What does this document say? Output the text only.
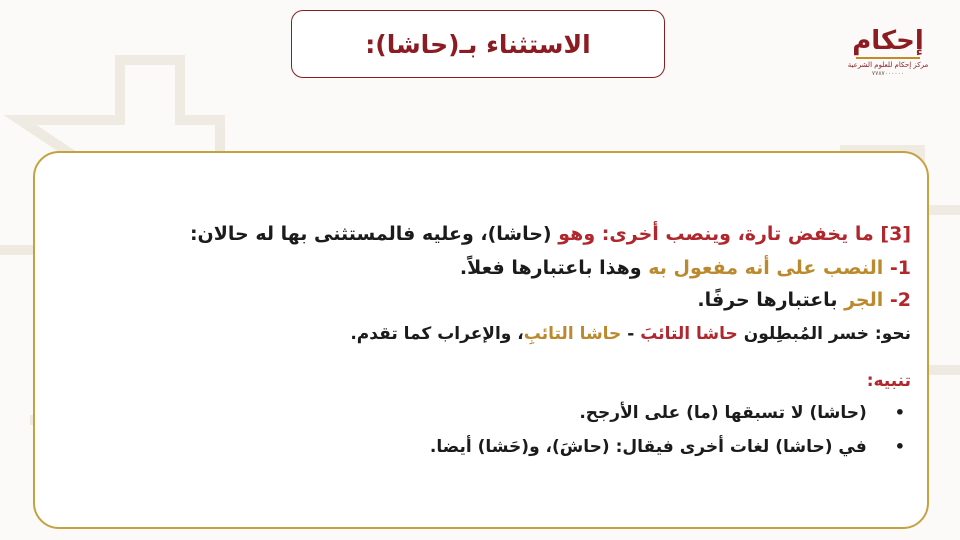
الاستثناء بـ(حاشا):	إحكام
مركز إحكام للعلوم الشرعية
٧٧٨٧٠٠٠٠٠٠
[3] ما يخفض تارة، وينصب أخرى: وهو (حاشا)، وعليه فالمستثنى بها له حالان:
1- النصب على أنه مفعول به وهذا باعتبارها فعلاً.
2- الجر باعتبارها حرفًا.
نحو: خسر المُبطِلون حاشا التائبَ - حاشا التائبِ، والإعراب كما تقدم.
تنبيه:
•(حاشا) لا تسبقها (ما) على الأرجح.
•في (حاشا) لغات أخرى فيقال: (حاشَ)، و(حَشا) أيضا.
